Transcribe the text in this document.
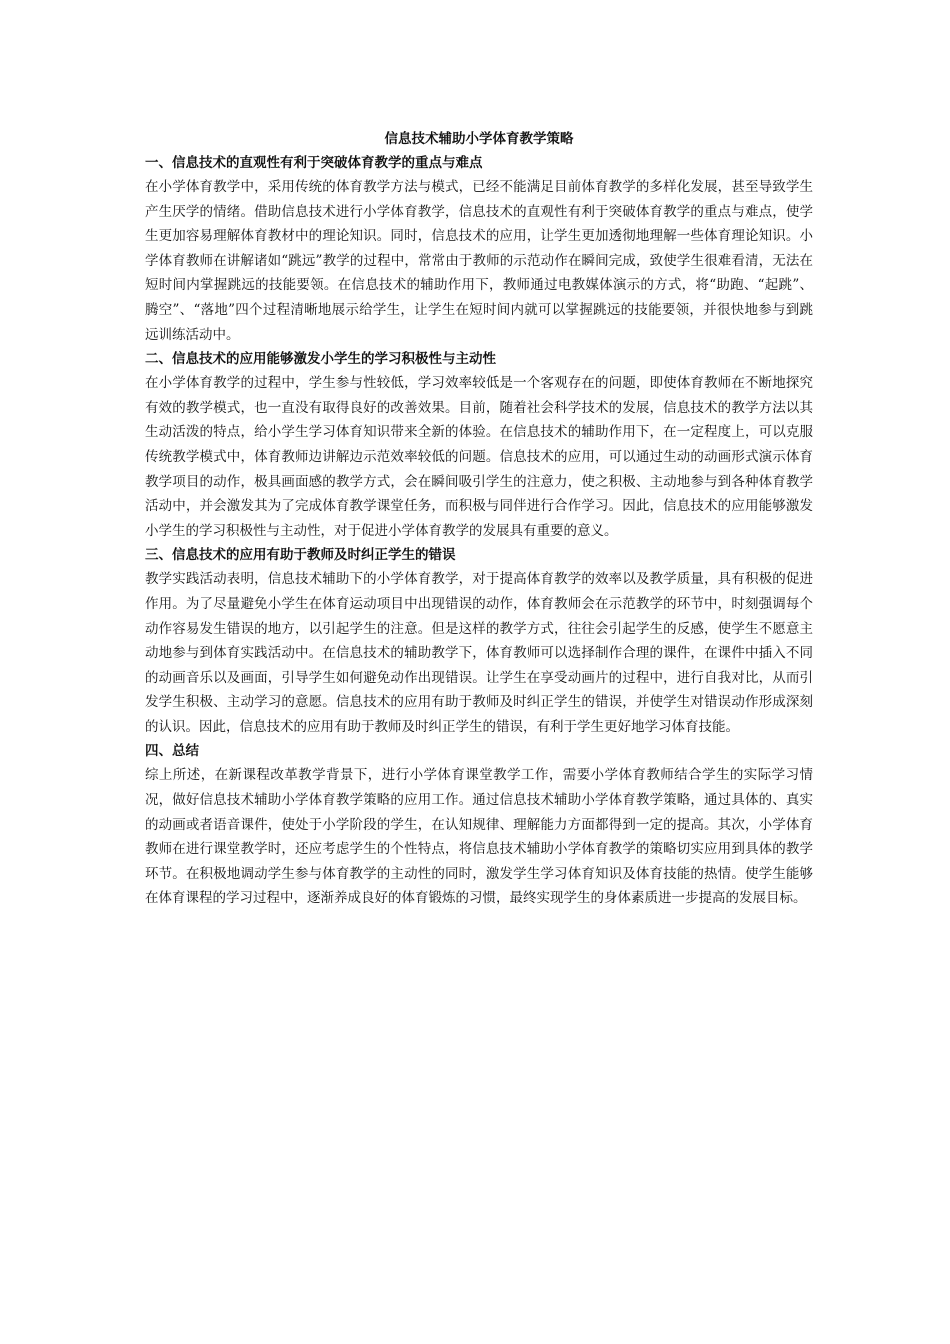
信息技术辅助小学体育教学策略
一、信息技术的直观性有利于突破体育教学的重点与难点

在小学体育教学中，采用传统的体育教学方法与模式，已经不能满足目前体育教学的多样化发展，甚至导致学生产生厌学的情绪。借助信息技术进行小学体育教学，信息技术的直观性有利于突破体育教学的重点与难点，使学生更加容易理解体育教材中的理论知识。同时，信息技术的应用，让学生更加透彻地理解一些体育理论知识。小学体育教师在讲解诸如“跳远”教学的过程中，常常由于教师的示范动作在瞬间完成，致使学生很难看清，无法在短时间内掌握跳远的技能要领。在信息技术的辅助作用下，教师通过电教媒体演示的方式，将“助跑、“起跳”、腾空”、“落地”四个过程清晰地展示给学生，让学生在短时间内就可以掌握跳远的技能要领，并很快地参与到跳远训练活动中。

二、信息技术的应用能够激发小学生的学习积极性与主动性

在小学体育教学的过程中，学生参与性较低，学习效率较低是一个客观存在的问题，即使体育教师在不断地探究有效的教学模式，也一直没有取得良好的改善效果。目前，随着社会科学技术的发展，信息技术的教学方法以其生动活泼的特点，给小学生学习体育知识带来全新的体验。在信息技术的辅助作用下，在一定程度上，可以克服传统教学模式中，体育教师边讲解边示范效率较低的问题。信息技术的应用，可以通过生动的动画形式演示体育教学项目的动作，极具画面感的教学方式，会在瞬间吸引学生的注意力，使之积极、主动地参与到各种体育教学活动中，并会激发其为了完成体育教学课堂任务，而积极与同伴进行合作学习。因此，信息技术的应用能够激发小学生的学习积极性与主动性，对于促进小学体育教学的发展具有重要的意义。

三、信息技术的应用有助于教师及时纠正学生的错误

教学实践活动表明，信息技术辅助下的小学体育教学，对于提高体育教学的效率以及教学质量，具有积极的促进作用。为了尽量避免小学生在体育运动项目中出现错误的动作，体育教师会在示范教学的环节中，时刻强调每个动作容易发生错误的地方，以引起学生的注意。但是这样的教学方式，往往会引起学生的反感，使学生不愿意主动地参与到体育实践活动中。在信息技术的辅助教学下，体育教师可以选择制作合理的课件，在课件中插入不同的动画音乐以及画面，引导学生如何避免动作出现错误。让学生在享受动画片的过程中，进行自我对比，从而引发学生积极、主动学习的意愿。信息技术的应用有助于教师及时纠正学生的错误，并使学生对错误动作形成深刻的认识。因此，信息技术的应用有助于教师及时纠正学生的错误，有利于学生更好地学习体育技能。

四、总结

综上所述，在新课程改革教学背景下，进行小学体育课堂教学工作，需要小学体育教师结合学生的实际学习情况，做好信息技术辅助小学体育教学策略的应用工作。通过信息技术辅助小学体育教学策略，通过具体的、真实的动画或者语音课件，使处于小学阶段的学生，在认知规律、理解能力方面都得到一定的提高。其次，小学体育教师在进行课堂教学时，还应考虑学生的个性特点，将信息技术辅助小学体育教学的策略切实应用到具体的教学环节。在积极地调动学生参与体育教学的主动性的同时，激发学生学习体育知识及体育技能的热情。使学生能够在体育课程的学习过程中，逐渐养成良好的体育锻炼的习惯，最终实现学生的身体素质进一步提高的发展目标。
